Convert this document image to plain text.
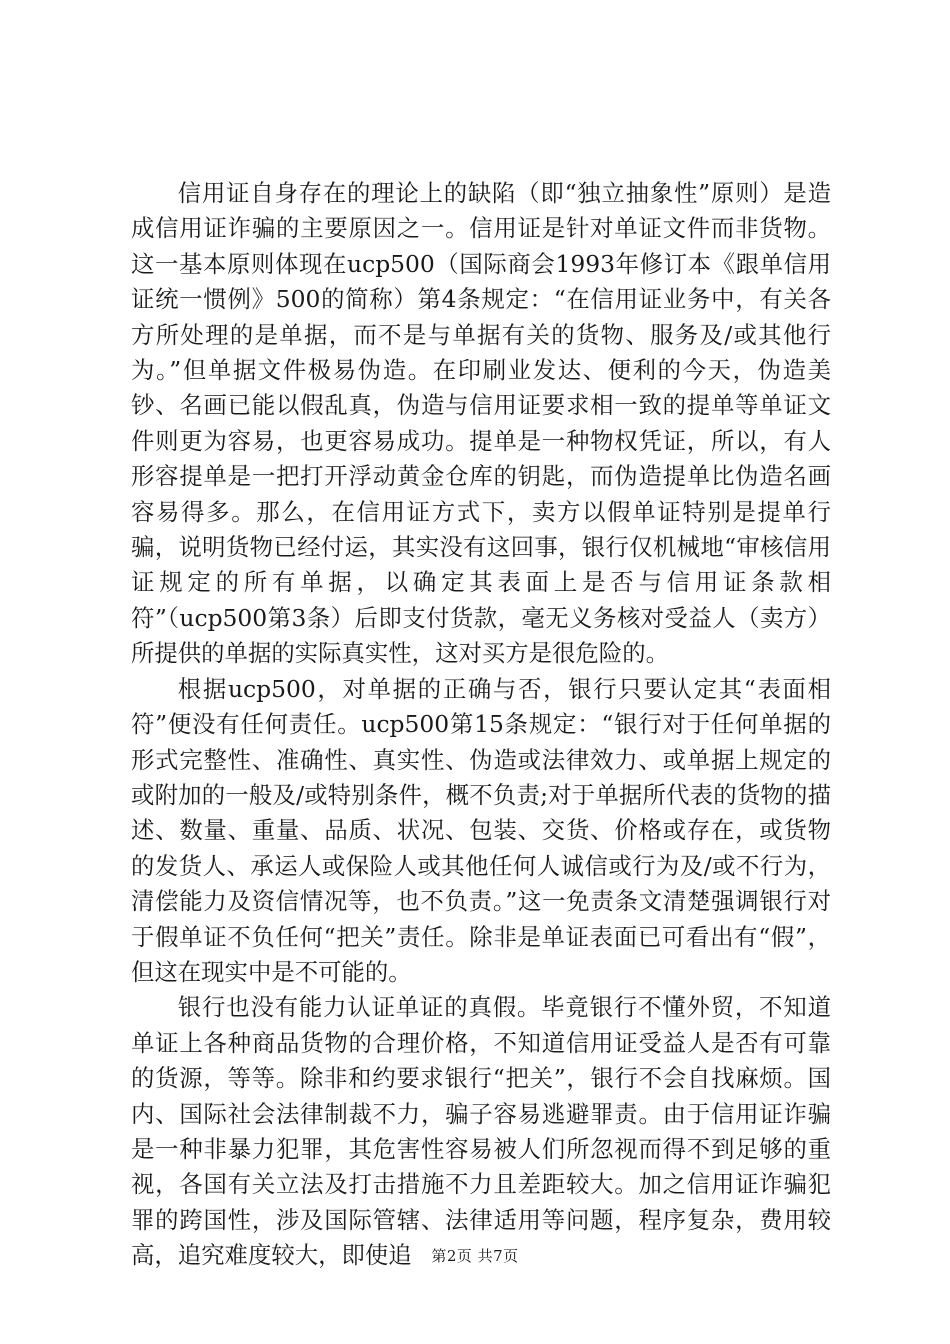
信用证自身存在的理论上的缺陷（即“独立抽象性”原则）是造成信用证诈骗的主要原因之一。信用证是针对单证文件而非货物。这一基本原则体现在ucp500（国际商会1993年修订本《跟单信用证统一惯例》500的简称）第4条规定：“在信用证业务中，有关各方所处理的是单据，而不是与单据有关的货物、服务及/或其他行为。”但单据文件极易伪造。在印刷业发达、便利的今天，伪造美钞、名画已能以假乱真，伪造与信用证要求相一致的提单等单证文件则更为容易，也更容易成功。提单是一种物权凭证，所以，有人形容提单是一把打开浮动黄金仓库的钥匙，而伪造提单比伪造名画容易得多。那么，在信用证方式下，卖方以假单证特别是提单行骗，说明货物已经付运，其实没有这回事，银行仅机械地“审核信用证规定的所有单据，以确定其表面上是否与信用证条款相符”（ucp500第3条）后即支付货款，毫无义务核对受益人（卖方）所提供的单据的实际真实性，这对买方是很危险的。

根据ucp500，对单据的正确与否，银行只要认定其“表面相符”便没有任何责任。ucp500第15条规定：“银行对于任何单据的形式完整性、准确性、真实性、伪造或法律效力、或单据上规定的或附加的一般及/或特别条件，概不负责;对于单据所代表的货物的描述、数量、重量、品质、状况、包装、交货、价格或存在，或货物的发货人、承运人或保险人或其他任何人诚信或行为及/或不行为，清偿能力及资信情况等，也不负责。”这一免责条文清楚强调银行对于假单证不负任何“把关”责任。除非是单证表面已可看出有“假”，但这在现实中是不可能的。

银行也没有能力认证单证的真假。毕竟银行不懂外贸，不知道单证上各种商品货物的合理价格，不知道信用证受益人是否有可靠的货源，等等。除非和约要求银行“把关”，银行不会自找麻烦。国内、国际社会法律制裁不力，骗子容易逃避罪责。由于信用证诈骗是一种非暴力犯罪，其危害性容易被人们所忽视而得不到足够的重视，各国有关立法及打击措施不力且差距较大。加之信用证诈骗犯罪的跨国性，涉及国际管辖、法律适用等问题，程序复杂，费用较高，追究难度较大，即使追	第2页 共7页
